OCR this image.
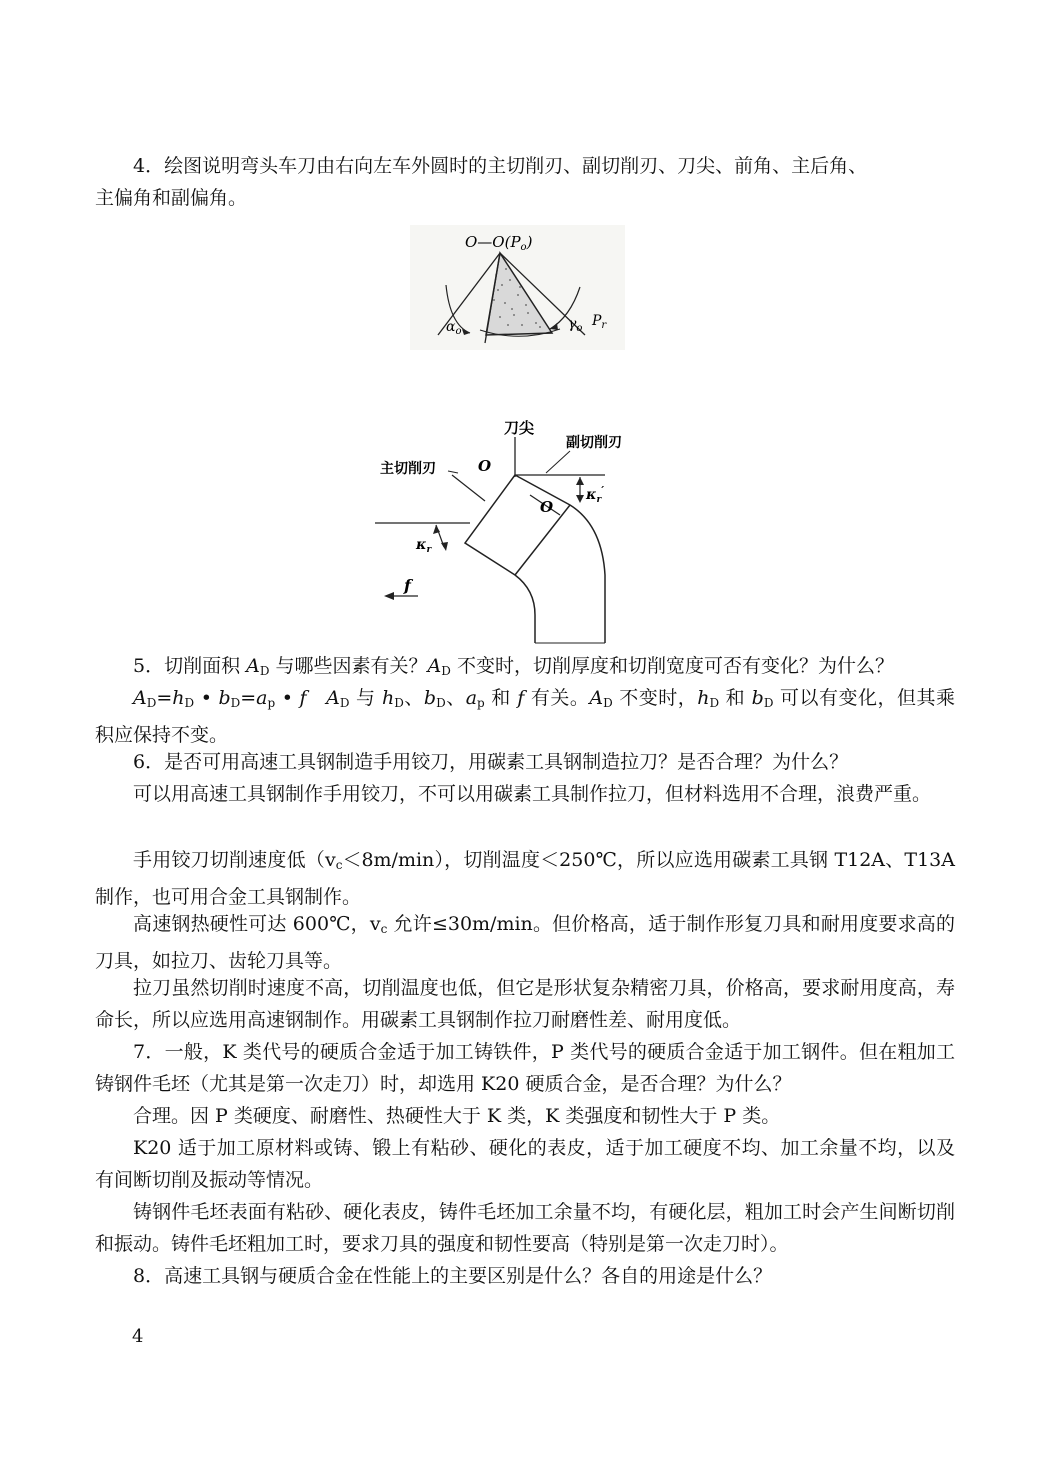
4．绘图说明弯头车刀由右向左车外圆时的主切削刃、副切削刃、刀尖、前角、主后角、
主偏角和副偏角。

$O—O(P_o)$
$\alpha_o$	$\gamma_o$ $P_r$
刀尖
副切削刃
主切削刃	O
O
$\kappa_r'$
$\kappa_r$
f

5．切削面积 $A_D$ 与哪些因素有关？$A_D$ 不变时，切削厚度和切削宽度可否有变化？为什么？

$A_D=h_D$ • $b_D=a_p$ • f $A_D$ 与 $h_D$、$b_D$、$a_p$ 和 f 有关。$A_D$ 不变时，$h_D$ 和 $b_D$ 可以有变化，但其乘积应保持不变。

6．是否可用高速工具钢制造手用铰刀，用碳素工具钢制造拉刀？是否合理？为什么？

可以用高速工具钢制作手用铰刀，不可以用碳素工具制作拉刀，但材料选用不合理，浪费严重。

手用铰刀切削速度低$(v_c<8m/\min)$，切削温度＜250℃，所以应选用碳素工具钢 T12A、T13A 制作，也可用合金工具钢制作。

高速钢热硬性可达 600℃，$v_c$ 允许≤30m/min。但价格高，适于制作形复刀具和耐用度要求高的刀具，如拉刀、齿轮刀具等。

拉刀虽然切削时速度不高，切削温度也低，但它是形状复杂精密刀具，价格高，要求耐用度高，寿命长，所以应选用高速钢制作。用碳素工具钢制作拉刀耐磨性差、耐用度低。

7．一般，K 类代号的硬质合金适于加工铸铁件，P 类代号的硬质合金适于加工钢件。但在粗加工铸钢件毛坯（尤其是第一次走刀）时，却选用 K20 硬质合金，是否合理？为什么？

合理。因 P 类硬度、耐磨性、热硬性大于 K 类，K 类强度和韧性大于 P 类。

K20 适于加工原材料或铸、锻上有粘砂、硬化的表皮，适于加工硬度不均、加工余量不均，以及有间断切削及振动等情况。

铸钢件毛坯表面有粘砂、硬化表皮，铸件毛坯加工余量不均，有硬化层，粗加工时会产生间断切削和振动。铸件毛坯粗加工时，要求刀具的强度和韧性要高（特别是第一次走刀时）。

8．高速工具钢与硬质合金在性能上的主要区别是什么？各自的用途是什么？

4
